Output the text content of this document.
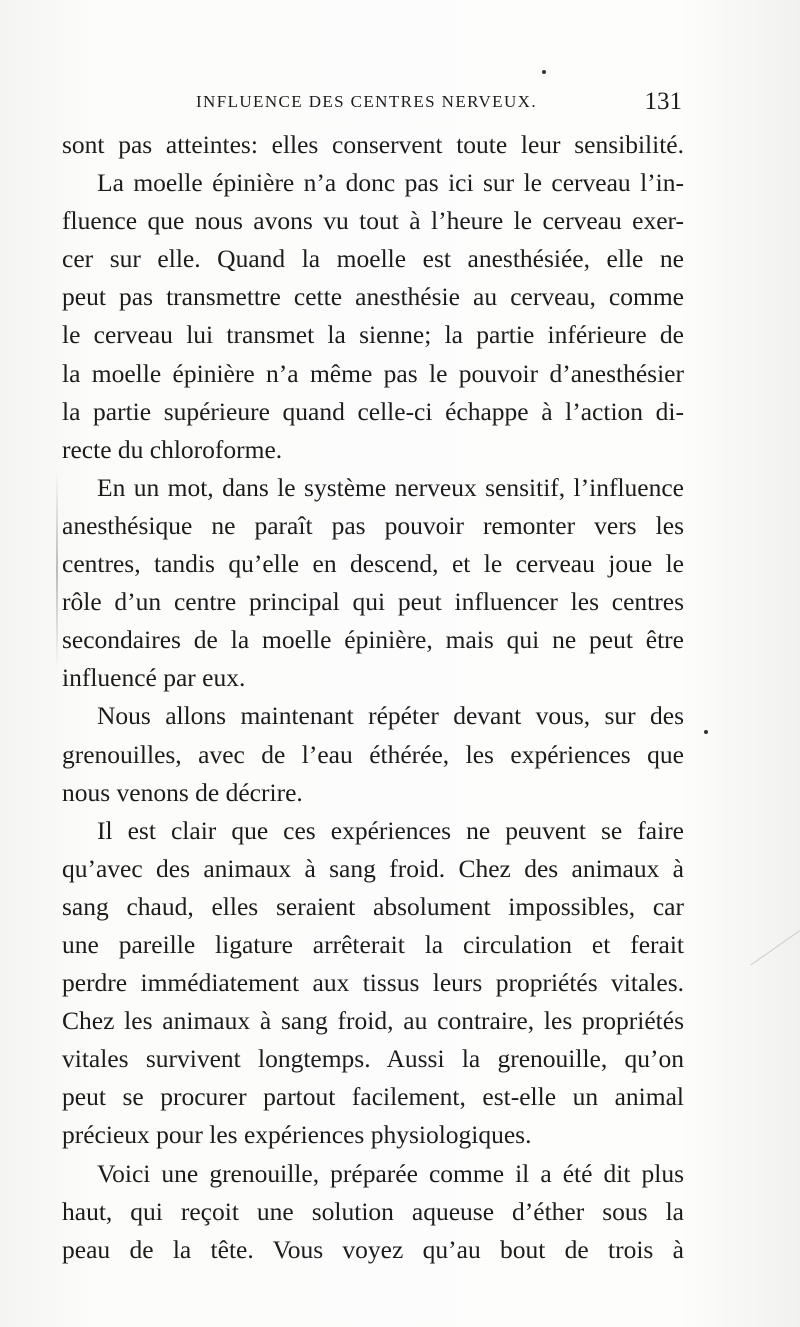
INFLUENCE DES CENTRES NERVEUX.	131
sont pas atteintes: elles conservent toute leur sensibilité.
La moelle épinière n’a donc pas ici sur le cerveau l’in-
fluence que nous avons vu tout à l’heure le cerveau exer-
cer sur elle. Quand la moelle est anesthésiée, elle ne
peut pas transmettre cette anesthésie au cerveau, comme
le cerveau lui transmet la sienne; la partie inférieure de
la moelle épinière n’a même pas le pouvoir d’anesthésier
la partie supérieure quand celle-ci échappe à l’action di-
recte du chloroforme.
En un mot, dans le système nerveux sensitif, l’influence
anesthésique ne paraît pas pouvoir remonter vers les
centres, tandis qu’elle en descend, et le cerveau joue le
rôle d’un centre principal qui peut influencer les centres
secondaires de la moelle épinière, mais qui ne peut être
influencé par eux.
Nous allons maintenant répéter devant vous, sur des
grenouilles, avec de l’eau éthérée, les expériences que
nous venons de décrire.
Il est clair que ces expériences ne peuvent se faire
qu’avec des animaux à sang froid. Chez des animaux à
sang chaud, elles seraient absolument impossibles, car
une pareille ligature arrêterait la circulation et ferait
perdre immédiatement aux tissus leurs propriétés vitales.
Chez les animaux à sang froid, au contraire, les propriétés
vitales survivent longtemps. Aussi la grenouille, qu’on
peut se procurer partout facilement, est-elle un animal
précieux pour les expériences physiologiques.
Voici une grenouille, préparée comme il a été dit plus
haut, qui reçoit une solution aqueuse d’éther sous la
peau de la tête. Vous voyez qu’au bout de trois à
